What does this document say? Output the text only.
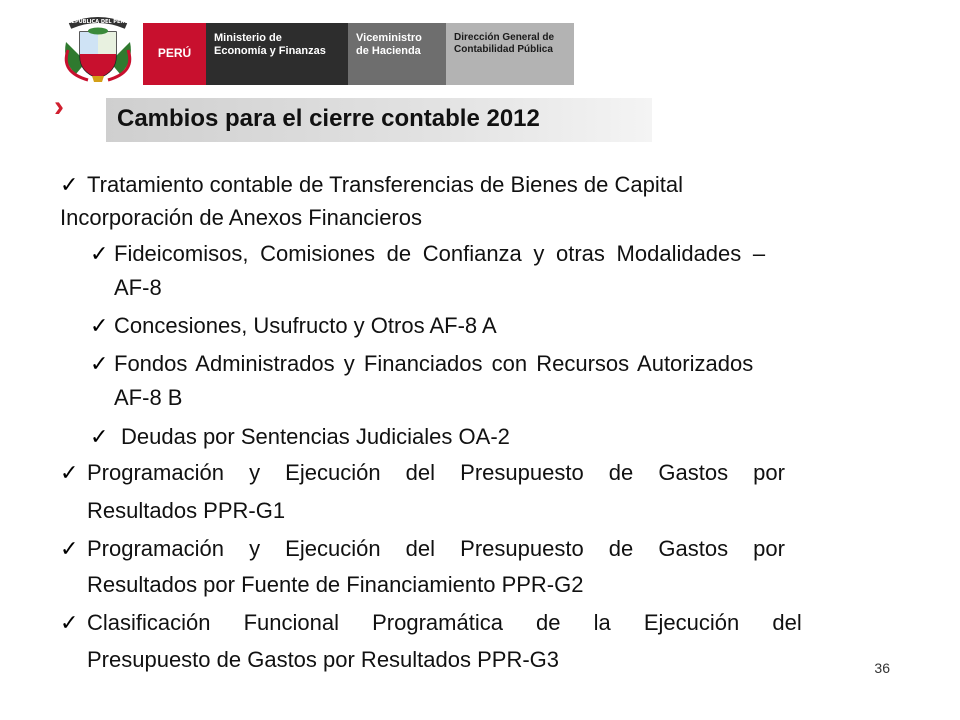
REPUBLICA DEL PERU
PERÚ
Ministerio de
Economía y Finanzas
Viceministro
de Hacienda
Dirección General de
Contabilidad Pública
›	Cambios para el cierre contable 2012
✓ Tratamiento contable de Transferencias de Bienes de Capital
Incorporación de Anexos Financieros
✓ Fideicomisos, Comisiones de Confianza y otras Modalidades –
AF-8
✓ Concesiones, Usufructo y Otros AF-8 A
✓ Fondos Administrados y Financiados con Recursos Autorizados
AF-8 B
✓ Deudas por Sentencias Judiciales OA-2
✓ Programación y Ejecución del Presupuesto de Gastos por
Resultados PPR-G1
✓ Programación y Ejecución del Presupuesto de Gastos por
Resultados por Fuente de Financiamiento PPR-G2
✓ Clasificación Funcional Programática de la Ejecución del
Presupuesto de Gastos por Resultados PPR-G3	36
